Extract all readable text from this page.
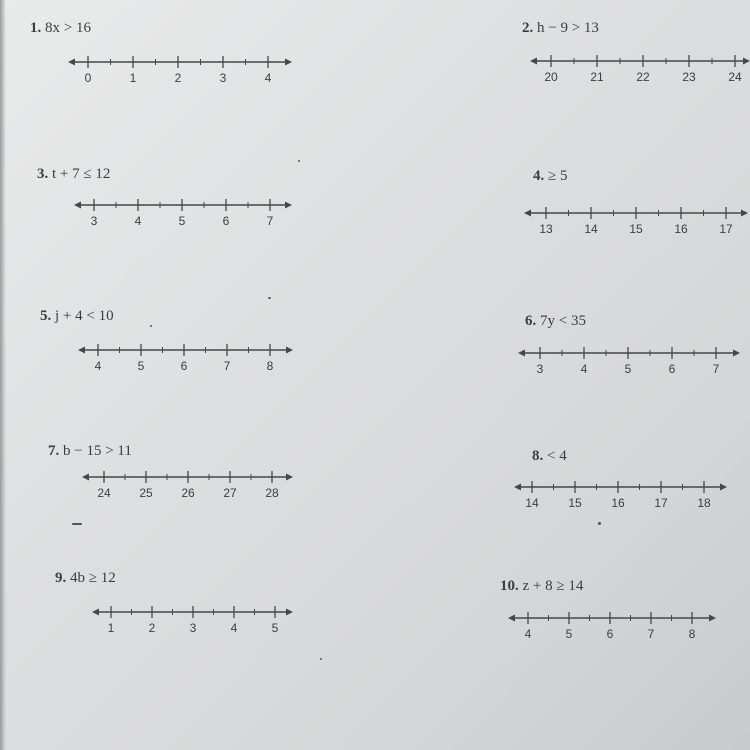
1. 8x > 16
0	1	2	3	4
2. h − 9 > 13
20	21	22	23	24
3. t + 7 ≤ 12
3	4	5	6	7
4. ≥ 5
13	14	15	16	17
5. j + 4 < 10
4	5	6	7	8
6. 7y < 35
3	4	5	6	7
7. b − 15 > 11
24 25 26 27 28
8. < 4
14 15 16 17 18
9. 4b ≥ 12
1	2	3	4	5
10. z + 8 ≥ 14
4	5	6	7	8
